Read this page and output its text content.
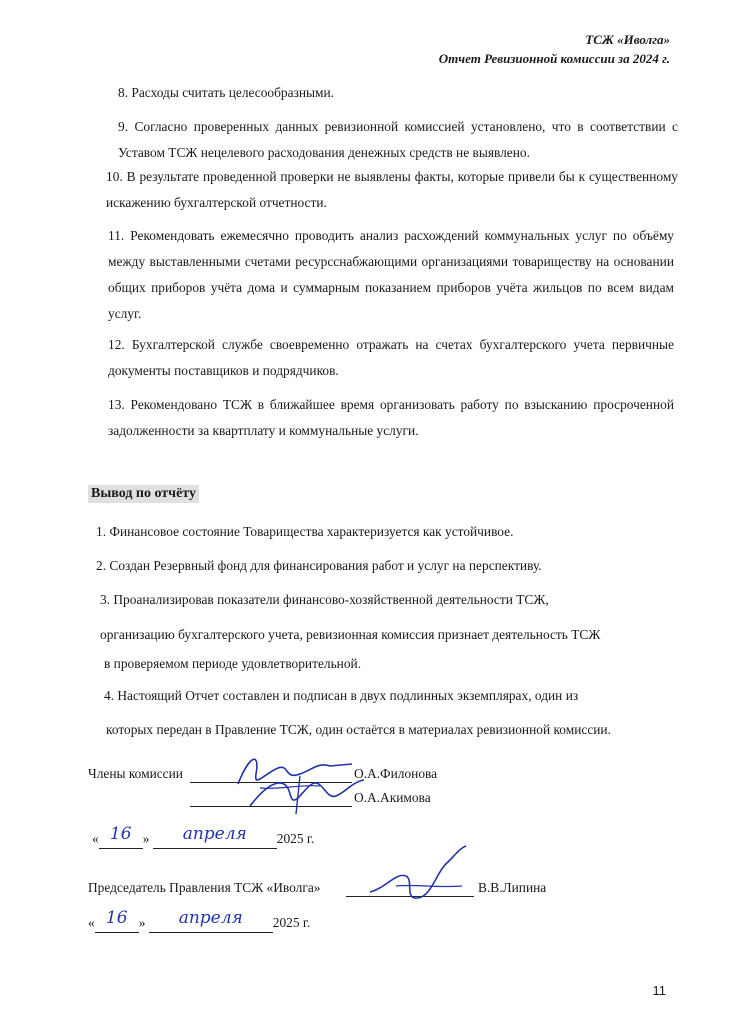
ТСЖ «Иволга»
Отчет Ревизионной комиссии за 2024 г.
8. Расходы считать целесообразными.
9. Согласно проверенных данных ревизионной комиссией установлено, что в соответствии с Уставом ТСЖ нецелевого расходования денежных средств не выявлено.
10. В результате проведенной проверки не выявлены факты, которые привели бы к существенному искажению бухгалтерской отчетности.
11. Рекомендовать ежемесячно проводить анализ расхождений коммунальных услуг по объёму между выставленными счетами ресурсснабжающими организациями товариществу на основании общих приборов учёта дома и суммарным показанием приборов учёта жильцов по всем видам услуг.
12. Бухгалтерской службе своевременно отражать на счетах бухгалтерского учета первичные документы поставщиков и подрядчиков.
13. Рекомендовано ТСЖ в ближайшее время организовать работу по взысканию просроченной задолженности за квартплату и коммунальные услуги.
Вывод по отчёту
1. Финансовое состояние Товарищества характеризуется как устойчивое.
2. Создан Резервный фонд для финансирования работ и услуг на перспективу.
3. Проанализировав показатели финансово-хозяйственной деятельности ТСЖ,
организацию бухгалтерского учета, ревизионная комиссия признает деятельность ТСЖ
в проверяемом периоде удовлетворительной.
4. Настоящий Отчет составлен и подписан в двух подлинных экземплярах, один из
которых передан в Правление ТСЖ, один остаётся в материалах ревизионной комиссии.
Члены комиссии	О.А.Филонова
О.А.Акимова
« 16 » апреля 2025 г.
Председатель Правления ТСЖ «Иволга»	В.В.Липина
« 16 » апреля 2025 г.
11
